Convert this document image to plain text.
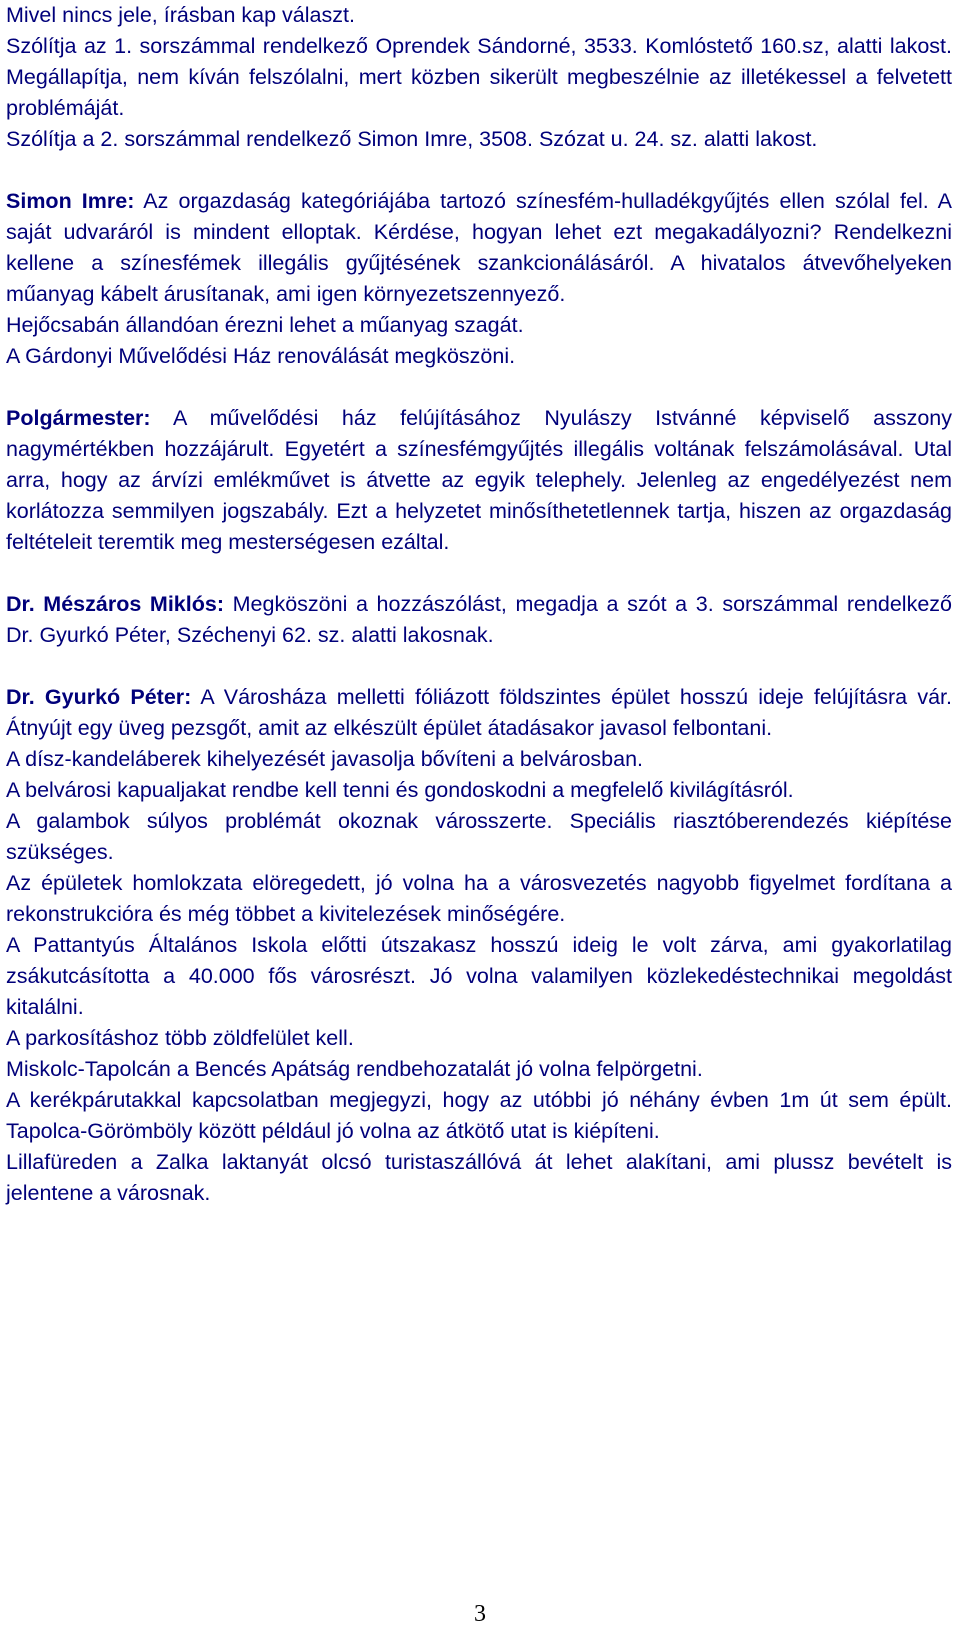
Mivel nincs jele, írásban kap választ.

Szólítja az 1. sorszámmal rendelkező Oprendek Sándorné, 3533. Komlóstető 160.sz, alatti lakost. Megállapítja, nem kíván felszólalni, mert közben sikerült megbeszélnie az illetékessel a felvetett problémáját.

Szólítja a 2. sorszámmal rendelkező Simon Imre, 3508. Szózat u. 24. sz. alatti lakost.

Simon Imre: Az orgazdaság kategóriájába tartozó színesfém-hulladékgyűjtés ellen szólal fel. A saját udvaráról is mindent elloptak. Kérdése, hogyan lehet ezt megakadályozni? Rendelkezni kellene a színesfémek illegális gyűjtésének szankcionálásáról. A hivatalos átvevőhelyeken műanyag kábelt árusítanak, ami igen környezetszennyező.

Hejőcsabán állandóan érezni lehet a műanyag szagát.

A Gárdonyi Művelődési Ház renoválását megköszöni.

Polgármester: A művelődési ház felújításához Nyulászy Istvánné képviselő asszony nagymértékben hozzájárult. Egyetért a színesfémgyűjtés illegális voltának felszámolásával. Utal arra, hogy az árvízi emlékművet is átvette az egyik telephely. Jelenleg az engedélyezést nem korlátozza semmilyen jogszabály. Ezt a helyzetet minősíthetetlennek tartja, hiszen az orgazdaság feltételeit teremtik meg mesterségesen ezáltal.

Dr. Mészáros Miklós: Megköszöni a hozzászólást, megadja a szót a 3. sorszámmal rendelkező Dr. Gyurkó Péter, Széchenyi 62. sz. alatti lakosnak.

Dr. Gyurkó Péter: A Városháza melletti fóliázott földszintes épület hosszú ideje felújításra vár. Átnyújt egy üveg pezsgőt, amit az elkészült épület átadásakor javasol felbontani.

A dísz-kandeláberek kihelyezését javasolja bővíteni a belvárosban.

A belvárosi kapualjakat rendbe kell tenni és gondoskodni a megfelelő kivilágításról.

A galambok súlyos problémát okoznak városszerte. Speciális riasztóberendezés kiépítése szükséges.

Az épületek homlokzata elöregedett, jó volna ha a városvezetés nagyobb figyelmet fordítana a rekonstrukcióra és még többet a kivitelezések minőségére.

A Pattantyús Általános Iskola előtti útszakasz hosszú ideig le volt zárva, ami gyakorlatilag zsákutcásította a 40.000 fős városrészt. Jó volna valamilyen közlekedéstechnikai megoldást kitalálni.

A parkosításhoz több zöldfelület kell.

Miskolc-Tapolcán a Bencés Apátság rendbehozatalát jó volna felpörgetni.

A kerékpárutakkal kapcsolatban megjegyzi, hogy az utóbbi jó néhány évben 1m út sem épült. Tapolca-Görömböly között például jó volna az átkötő utat is kiépíteni.

Lillafüreden a Zalka laktanyát olcsó turistaszállóvá át lehet alakítani, ami plussz bevételt is jelentene a városnak.

3
